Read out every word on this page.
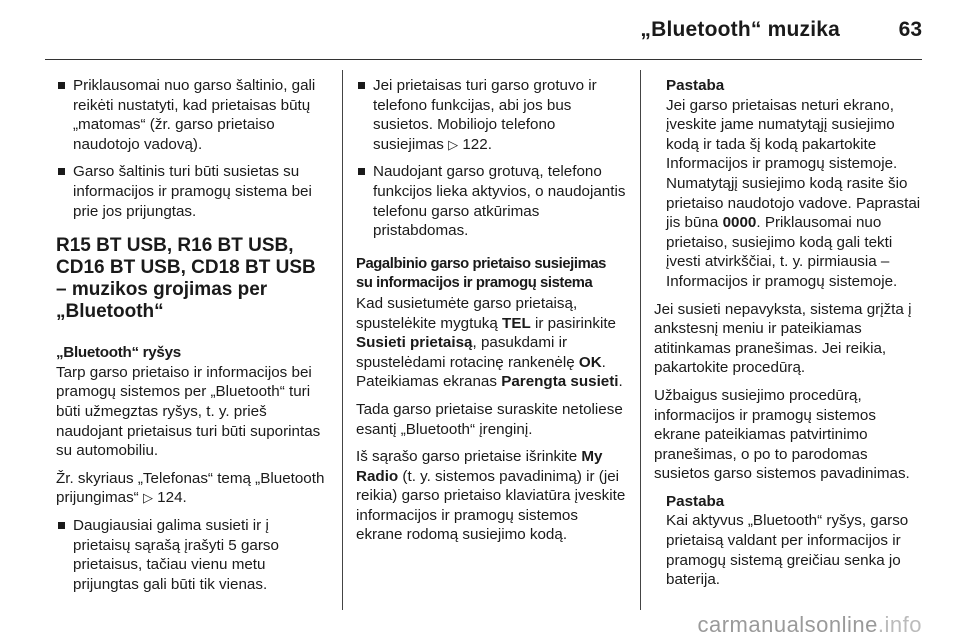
„Bluetooth“ muzika	63
Priklausomai nuo garso šaltinio, gali reikėti nustatyti, kad prietaisas būtų „matomas“ (žr. garso prietaiso naudotojo vadovą).
Garso šaltinis turi būti susietas su informacijos ir pramogų sistema bei prie jos prijungtas.
R15 BT USB, R16 BT USB, CD16 BT USB, CD18 BT USB – muzikos grojimas per „Bluetooth“
„Bluetooth“ ryšys

Tarp garso prietaiso ir informacijos bei pramogų sistemos per „Bluetooth“ turi būti užmegztas ryšys, t. y. prieš naudojant prietaisus turi būti suporintas su automobiliu.

Žr. skyriaus „Telefonas“ temą „Bluetooth prijungimas“ ▷ 124.

Daugiausiai galima susieti ir į prietaisų sąrašą įrašyti 5 garso prietaisus, tačiau vienu metu prijungtas gali būti tik vienas.
Jei prietaisas turi garso grotuvo ir telefono funkcijas, abi jos bus susietos. Mobiliojo telefono susiejimas ▷ 122.
Naudojant garso grotuvą, telefono funkcijos lieka aktyvios, o naudojantis telefonu garso atkūrimas pristabdomas.
Pagalbinio garso prietaiso susiejimas su informacijos ir pramogų sistema

Kad susietumėte garso prietaisą, spustelėkite mygtuką TEL ir pasirinkite Susieti prietaisą, pasukdami ir spustelėdami rotacinę rankenėlę OK. Pateikiamas ekranas Parengta susieti.

Tada garso prietaise suraskite netoliese esantį „Bluetooth“ įrenginį.

Iš sąrašo garso prietaise išrinkite My Radio (t. y. sistemos pavadinimą) ir (jei reikia) garso prietaiso klaviatūra įveskite informacijos ir pramogų sistemos ekrane rodomą susiejimo kodą.

Pastaba
Jei garso prietaisas neturi ekrano, įveskite jame numatytąjį susiejimo kodą ir tada šį kodą pakartokite Informacijos ir pramogų sistemoje. Numatytąjį susiejimo kodą rasite šio prietaiso naudotojo vadove. Paprastai jis būna 0000. Priklausomai nuo prietaiso, susiejimo kodą gali tekti įvesti atvirkščiai, t. y. pirmiausia – Informacijos ir pramogų sistemoje.

Jei susieti nepavyksta, sistema grįžta į ankstesnį meniu ir pateikiamas atitinkamas pranešimas. Jei reikia, pakartokite procedūrą.

Užbaigus susiejimo procedūrą, informacijos ir pramogų sistemos ekrane pateikiamas patvirtinimo pranešimas, o po to parodomas susietos garso sistemos pavadinimas.

Pastaba
Kai aktyvus „Bluetooth“ ryšys, garso prietaisą valdant per informacijos ir pramogų sistemą greičiau senka jo baterija.
carmanualsonline.info
